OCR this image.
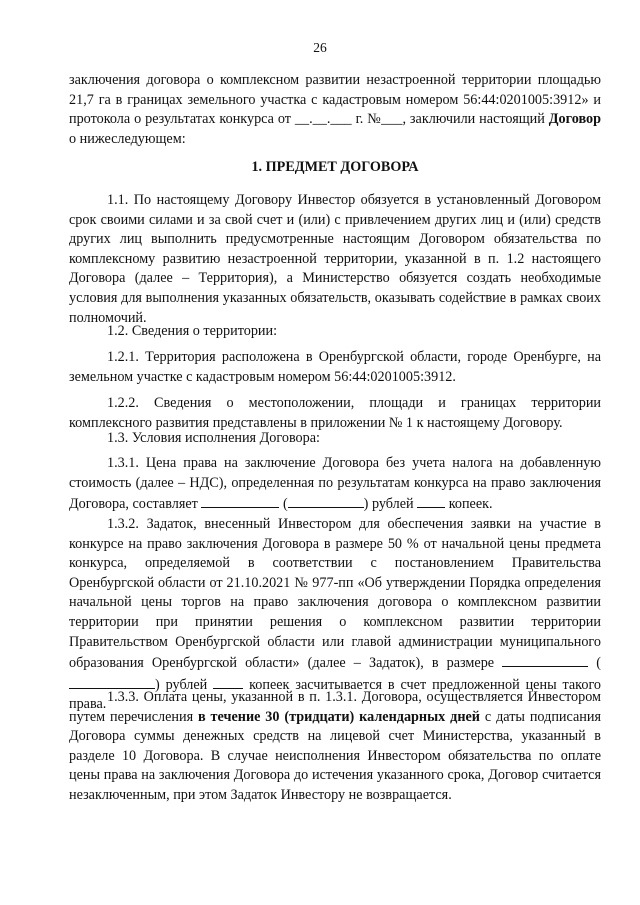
26

заключения договора о комплексном развитии незастроенной территории площадью 21,7 га в границах земельного участка с кадастровым номером 56:44:0201005:3912» и протокола о результатах конкурса от __.__.___ г. №___, заключили настоящий Договор о нижеследующем:

1. ПРЕДМЕТ ДОГОВОРА

1.1. По настоящему Договору Инвестор обязуется в установленный Договором срок своими силами и за свой счет и (или) с привлечением других лиц и (или) средств других лиц выполнить предусмотренные настоящим Договором обязательства по комплексному развитию незастроенной территории, указанной в п. 1.2 настоящего Договора (далее – Территория), а Министерство обязуется создать необходимые условия для выполнения указанных обязательств, оказывать содействие в рамках своих полномочий.

1.2. Сведения о территории:

1.2.1. Территория расположена в Оренбургской области, городе Оренбурге, на земельном участке с кадастровым номером 56:44:0201005:3912.

1.2.2. Сведения о местоположении, площади и границах территории комплексного развития представлены в приложении № 1 к настоящему Договору.

1.3. Условия исполнения Договора:

1.3.1. Цена права на заключение Договора без учета налога на добавленную стоимость (далее – НДС), определенная по результатам конкурса на право заключения Договора, составляет	(	) рублей  копеек.

1.3.2. Задаток, внесенный Инвестором для обеспечения заявки на участие в конкурсе на право заключения Договора в размере 50 % от начальной цены предмета конкурса, определяемой в соответствии с постановлением Правительства Оренбургской области от 21.10.2021 № 977-пп «Об утверждении Порядка определения начальной цены торгов на право заключения договора о комплексном развитии территории при принятии решения о комплексном развитии территории Правительством Оренбургской области или главой администрации муниципального образования Оренбургской области» (далее – Задаток), в размере	() рублей  копеек засчитывается в счет предложенной цены такого права. 1.3.3. Оплата цены, указанной в п. 1.3.1. Договора, осуществляется Инвестором путем перечисления в течение 30 (тридцати) календарных дней с даты подписания Договора суммы денежных средств на лицевой счет Министерства, указанный в разделе 10 Договора. В случае неисполнения Инвестором обязательства по оплате цены права на заключения Договора до истечения указанного срока, Договор считается незаключенным, при этом Задаток Инвестору не возвращается.
